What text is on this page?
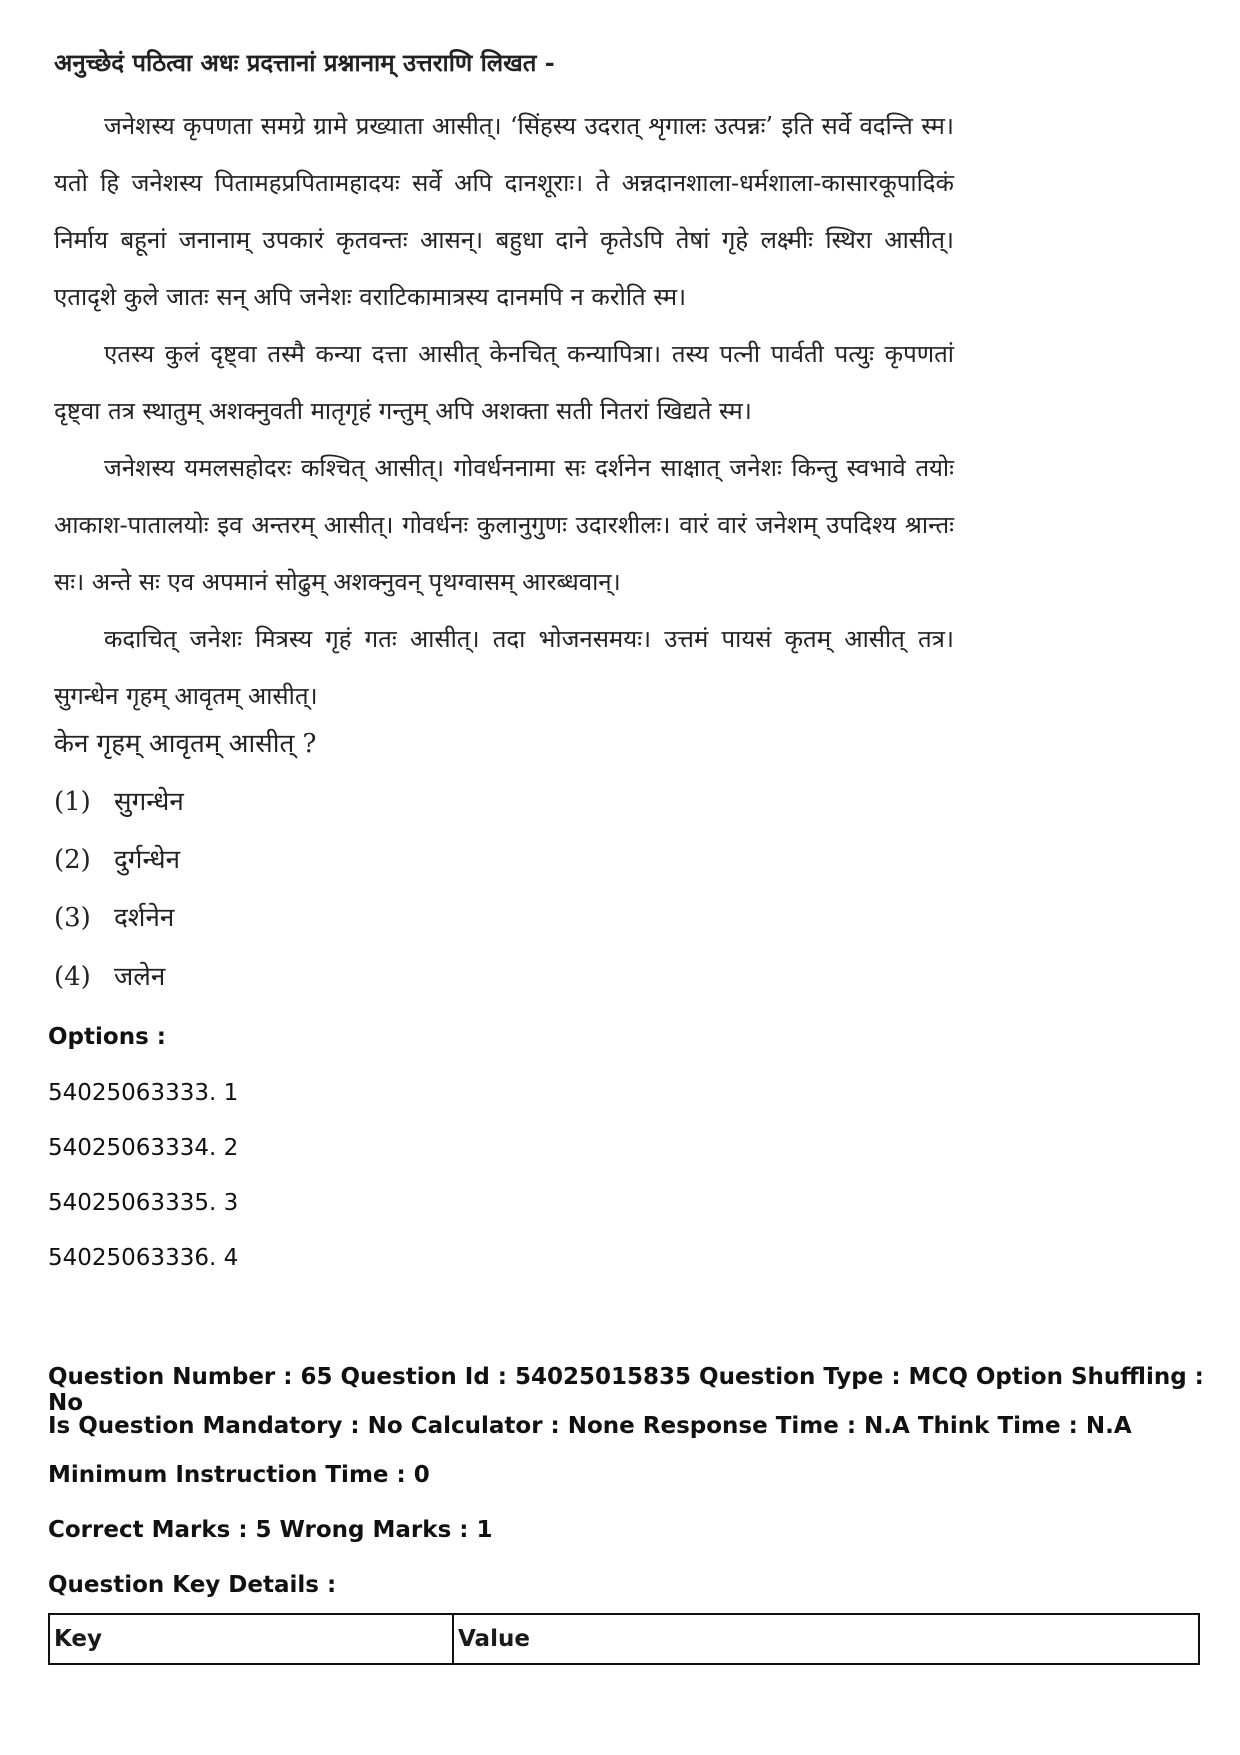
अनुच्छेदं पठित्वा अधः प्रदत्तानां प्रश्नानाम् उत्तराणि लिखत -

जनेशस्य कृपणता समग्रे ग्रामे प्रख्याता आसीत्। ‘सिंहस्य उदरात् शृगालः उत्पन्नः’ इति सर्वे वदन्ति स्म। यतो हि जनेशस्य पितामहप्रपितामहादयः सर्वे अपि दानशूराः। ते अन्नदानशाला-धर्मशाला-कासारकूपादिकं निर्माय बहूनां जनानाम् उपकारं कृतवन्तः आसन्। बहुधा दाने कृतेऽपि तेषां गृहे लक्ष्मीः स्थिरा आसीत्। एतादृशे कुले जातः सन् अपि जनेशः वराटिकामात्रस्य दानमपि न करोति स्म।

एतस्य कुलं दृष्ट्वा तस्मै कन्या दत्ता आसीत् केनचित् कन्यापित्रा। तस्य पत्नी पार्वती पत्युः कृपणतां दृष्ट्वा तत्र स्थातुम् अशक्नुवती मातृगृहं गन्तुम् अपि अशक्ता सती नितरां खिद्यते स्म।

जनेशस्य यमलसहोदरः कश्चित् आसीत्। गोवर्धननामा सः दर्शनेन साक्षात् जनेशः किन्तु स्वभावे तयोः आकाश-पातालयोः इव अन्तरम् आसीत्। गोवर्धनः कुलानुगुणः उदारशीलः। वारं वारं जनेशम् उपदिश्य श्रान्तः सः। अन्ते सः एव अपमानं सोढुम् अशक्नुवन् पृथग्वासम् आरब्धवान्।

कदाचित् जनेशः मित्रस्य गृहं गतः आसीत्। तदा भोजनसमयः। उत्तमं पायसं कृतम् आसीत् तत्र। सुगन्धेन गृहम् आवृतम् आसीत्।

केन गृहम् आवृतम् आसीत् ?
(1) सुगन्धेन
(2) दुर्गन्धेन
(3) दर्शनेन
(4) जलेन
Options :
54025063333. 1
54025063334. 2
54025063335. 3
54025063336. 4
Question Number : 65 Question Id : 54025015835 Question Type : MCQ Option Shuffling : No
Is Question Mandatory : No Calculator : None Response Time : N.A Think Time : N.A
Minimum Instruction Time : 0
Correct Marks : 5 Wrong Marks : 1
Question Key Details :
Key	Value
